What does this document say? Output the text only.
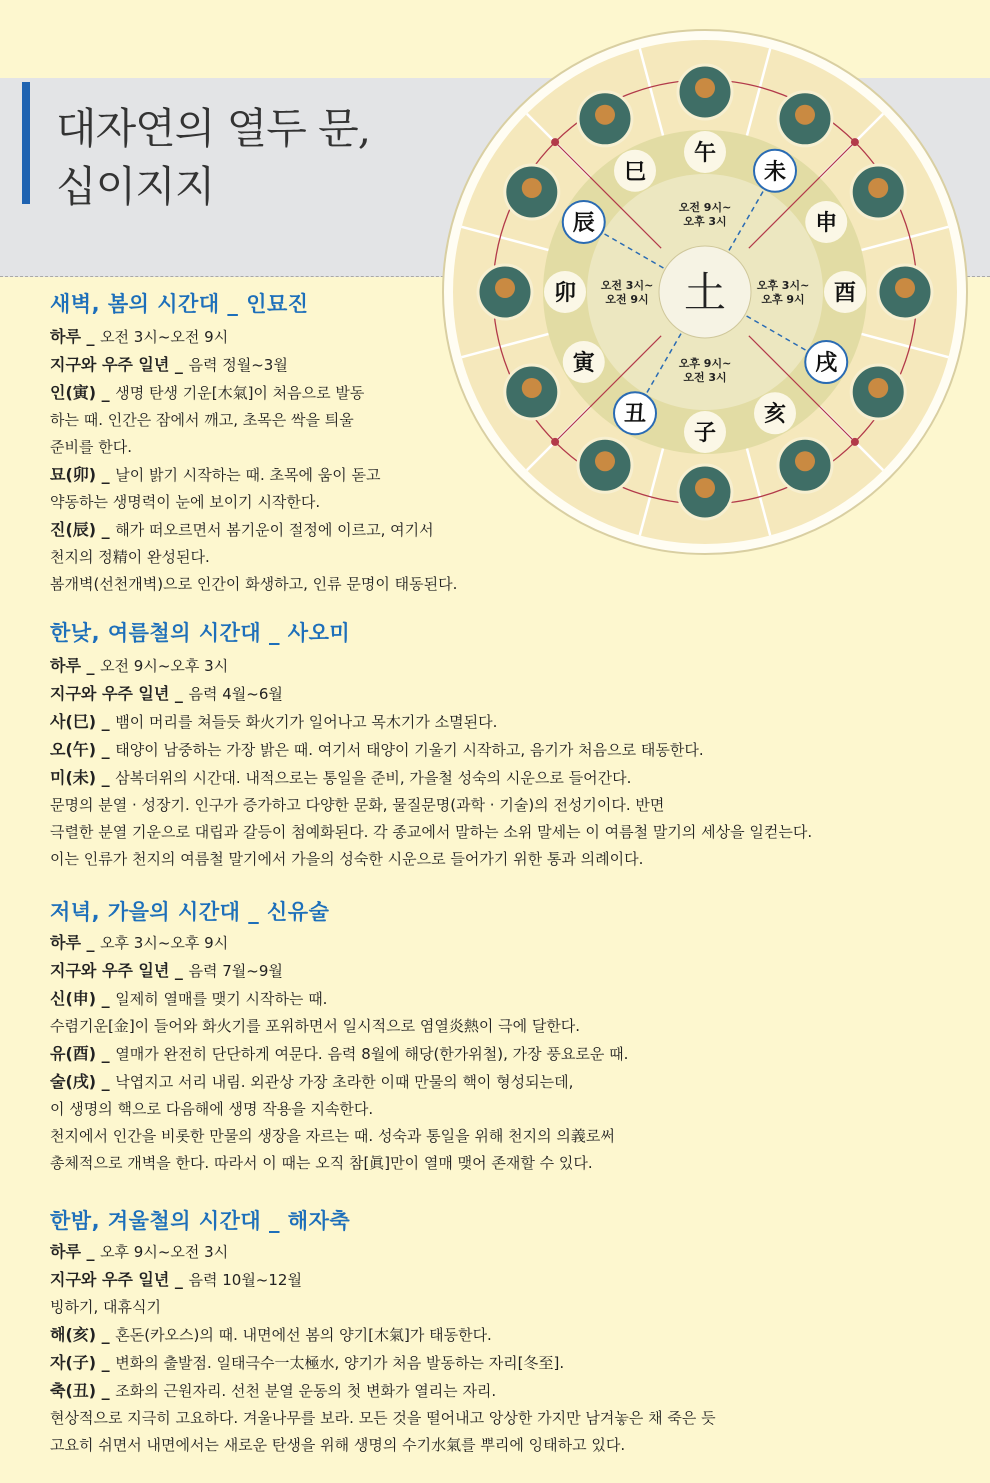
대자연의 열두 문,
십이지지
土
午
未
申
酉
戌
亥
子
丑
寅
卯
辰
巳
오전 9시~
오후 3시
오후 3시~
오후 9시
오후 9시~
오전 3시
오전 3시~
오전 9시
새벽, 봄의 시간대 _ 인묘진
하루 _ 오전 3시~오전 9시
지구와 우주 일년 _ 음력 정월~3월
인(寅) _ 생명 탄생 기운[木氣]이 처음으로 발동
하는 때. 인간은 잠에서 깨고, 초목은 싹을 틔울
준비를 한다.
묘(卯) _ 날이 밝기 시작하는 때. 초목에 움이 돋고
약동하는 생명력이 눈에 보이기 시작한다.
진(辰) _ 해가 떠오르면서 봄기운이 절정에 이르고, 여기서
천지의 정精이 완성된다.
봄개벽(선천개벽)으로 인간이 화생하고, 인류 문명이 태동된다.
한낮, 여름철의 시간대 _ 사오미
하루 _ 오전 9시~오후 3시
지구와 우주 일년 _ 음력 4월~6월
사(巳) _ 뱀이 머리를 쳐들듯 화火기가 일어나고 목木기가 소멸된다.
오(午) _ 태양이 남중하는 가장 밝은 때. 여기서 태양이 기울기 시작하고, 음기가 처음으로 태동한다.
미(未) _ 삼복더위의 시간대. 내적으로는 통일을 준비, 가을철 성숙의 시운으로 들어간다.
문명의 분열 · 성장기. 인구가 증가하고 다양한 문화, 물질문명(과학 · 기술)의 전성기이다. 반면
극렬한 분열 기운으로 대립과 갈등이 첨예화된다. 각 종교에서 말하는 소위 말세는 이 여름철 말기의 세상을 일컫는다.
이는 인류가 천지의 여름철 말기에서 가을의 성숙한 시운으로 들어가기 위한 통과 의례이다.
저녁, 가을의 시간대 _ 신유술
하루 _ 오후 3시~오후 9시
지구와 우주 일년 _ 음력 7월~9월
신(申) _ 일제히 열매를 맺기 시작하는 때.
수렴기운[金]이 들어와 화火기를 포위하면서 일시적으로 염열炎熱이 극에 달한다.
유(酉) _ 열매가 완전히 단단하게 여문다. 음력 8월에 해당(한가위철), 가장 풍요로운 때.
술(戌) _ 낙엽지고 서리 내림. 외관상 가장 초라한 이때 만물의 핵이 형성되는데,
이 생명의 핵으로 다음해에 생명 작용을 지속한다.
천지에서 인간을 비롯한 만물의 생장을 자르는 때. 성숙과 통일을 위해 천지의 의義로써
총체적으로 개벽을 한다. 따라서 이 때는 오직 참[眞]만이 열매 맺어 존재할 수 있다.
한밤, 겨울철의 시간대 _ 해자축
하루 _ 오후 9시~오전 3시
지구와 우주 일년 _ 음력 10월~12월
빙하기, 대휴식기
해(亥) _ 혼돈(카오스)의 때. 내면에선 봄의 양기[木氣]가 태동한다.
자(子) _ 변화의 출발점. 일태극수一太極水, 양기가 처음 발동하는 자리[冬至].
축(丑) _ 조화의 근원자리. 선천 분열 운동의 첫 변화가 열리는 자리.
현상적으로 지극히 고요하다. 겨울나무를 보라. 모든 것을 떨어내고 앙상한 가지만 남겨놓은 채 죽은 듯
고요히 쉬면서 내면에서는 새로운 탄생을 위해 생명의 수기水氣를 뿌리에 잉태하고 있다.
